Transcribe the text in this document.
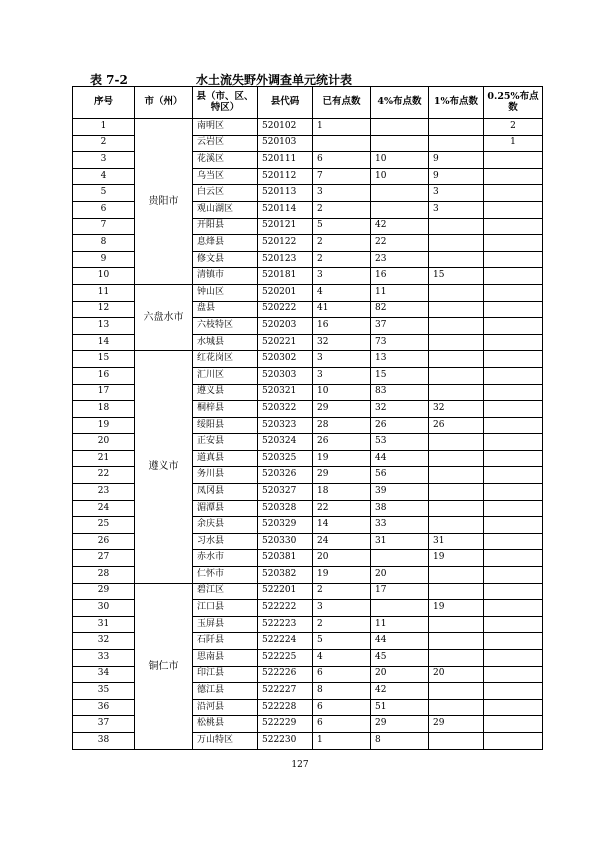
表 7-2	水土流失野外调查单元统计表
序号	市（州）	县（市、区、特区）	县代码	已有点数	4%布点数	1%布点数	0.25%布点数	
1	贵阳市	南明区	520102	1			2	
2		云岩区	520103				1	
3		花溪区	520111	6	10	9		
4		乌当区	520112	7	10	9		
5		白云区	520113	3		3		
6		观山湖区	520114	2		3		
7		开阳县	520121	5	42			
8		息烽县	520122	2	22			
9		修文县	520123	2	23			
10		清镇市	520181	3	16	15		
11	六盘水市	钟山区	520201	4	11			
12		盘县	520222	41	82			
13		六枝特区	520203	16	37			
14		水城县	520221	32	73			
15	遵义市	红花岗区	520302	3	13			
16		汇川区	520303	3	15			
17		遵义县	520321	10	83			
18		桐梓县	520322	29	32	32		
19		绥阳县	520323	28	26	26		
20		正安县	520324	26	53			
21		道真县	520325	19	44			
22		务川县	520326	29	56			
23		凤冈县	520327	18	39			
24		湄潭县	520328	22	38			
25		余庆县	520329	14	33			
26		习水县	520330	24	31	31		
27		赤水市	520381	20		19		
28		仁怀市	520382	19	20			
29	铜仁市	碧江区	522201	2	17			
30		江口县	522222	3		19		
31		玉屏县	522223	2	11			
32		石阡县	522224	5	44			
33		思南县	522225	4	45			
34		印江县	522226	6	20	20		
35		德江县	522227	8	42			
36		沿河县	522228	6	51			
37		松桃县	522229	6	29	29		
38		万山特区	522230	1	8			
127
